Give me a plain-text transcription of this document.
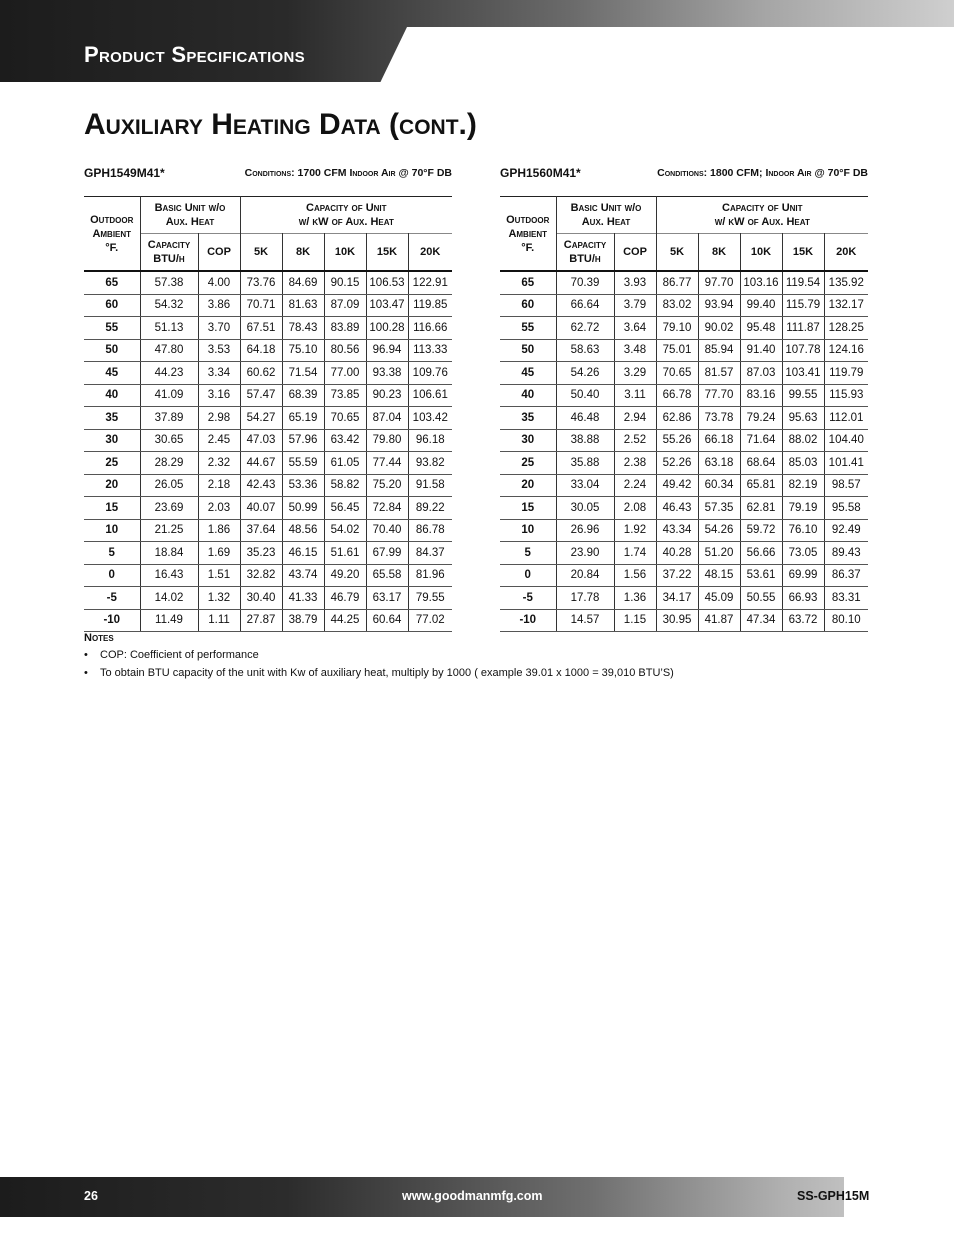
Product Specifications
Auxiliary Heating Data (cont.)
GPH1549M41*	Conditions: 1700 CFM Indoor Air @ 70°F DB
Outdoor
Ambient
°F.	Basic Unit w/o
Aux. Heat		Capacity of Unit
w/ kW of Aux. Heat				
	Capacity
BTU/h	COP	5K	8K	10K	15K	20K
65	57.38	4.00	73.76	84.69	90.15	106.53	122.91
60	54.32	3.86	70.71	81.63	87.09	103.47	119.85
55	51.13	3.70	67.51	78.43	83.89	100.28	116.66
50	47.80	3.53	64.18	75.10	80.56	96.94	113.33
45	44.23	3.34	60.62	71.54	77.00	93.38	109.76
40	41.09	3.16	57.47	68.39	73.85	90.23	106.61
35	37.89	2.98	54.27	65.19	70.65	87.04	103.42
30	30.65	2.45	47.03	57.96	63.42	79.80	96.18
25	28.29	2.32	44.67	55.59	61.05	77.44	93.82
20	26.05	2.18	42.43	53.36	58.82	75.20	91.58
15	23.69	2.03	40.07	50.99	56.45	72.84	89.22
10	21.25	1.86	37.64	48.56	54.02	70.40	86.78
5	18.84	1.69	35.23	46.15	51.61	67.99	84.37
0	16.43	1.51	32.82	43.74	49.20	65.58	81.96
-5	14.02	1.32	30.40	41.33	46.79	63.17	79.55
-10	11.49	1.11	27.87	38.79	44.25	60.64	77.02
GPH1560M41*	Conditions: 1800 CFM; Indoor Air @ 70°F DB
Outdoor
Ambient
°F.	Basic Unit w/o
Aux. Heat		Capacity of Unit
w/ kW of Aux. Heat				
	Capacity
BTU/h	COP	5K	8K	10K	15K	20K
65	70.39	3.93	86.77	97.70	103.16	119.54	135.92
60	66.64	3.79	83.02	93.94	99.40	115.79	132.17
55	62.72	3.64	79.10	90.02	95.48	111.87	128.25
50	58.63	3.48	75.01	85.94	91.40	107.78	124.16
45	54.26	3.29	70.65	81.57	87.03	103.41	119.79
40	50.40	3.11	66.78	77.70	83.16	99.55	115.93
35	46.48	2.94	62.86	73.78	79.24	95.63	112.01
30	38.88	2.52	55.26	66.18	71.64	88.02	104.40
25	35.88	2.38	52.26	63.18	68.64	85.03	101.41
20	33.04	2.24	49.42	60.34	65.81	82.19	98.57
15	30.05	2.08	46.43	57.35	62.81	79.19	95.58
10	26.96	1.92	43.34	54.26	59.72	76.10	92.49
5	23.90	1.74	40.28	51.20	56.66	73.05	89.43
0	20.84	1.56	37.22	48.15	53.61	69.99	86.37
-5	17.78	1.36	34.17	45.09	50.55	66.93	83.31
-10	14.57	1.15	30.95	41.87	47.34	63.72	80.10
Notes
• COP: Coefficient of performance
• To obtain BTU capacity of the unit with Kw of auxiliary heat, multiply by 1000 ( example 39.01 x 1000 = 39,010 BTU’S)
26	www.goodmanmfg.com	SS-GPH15M
